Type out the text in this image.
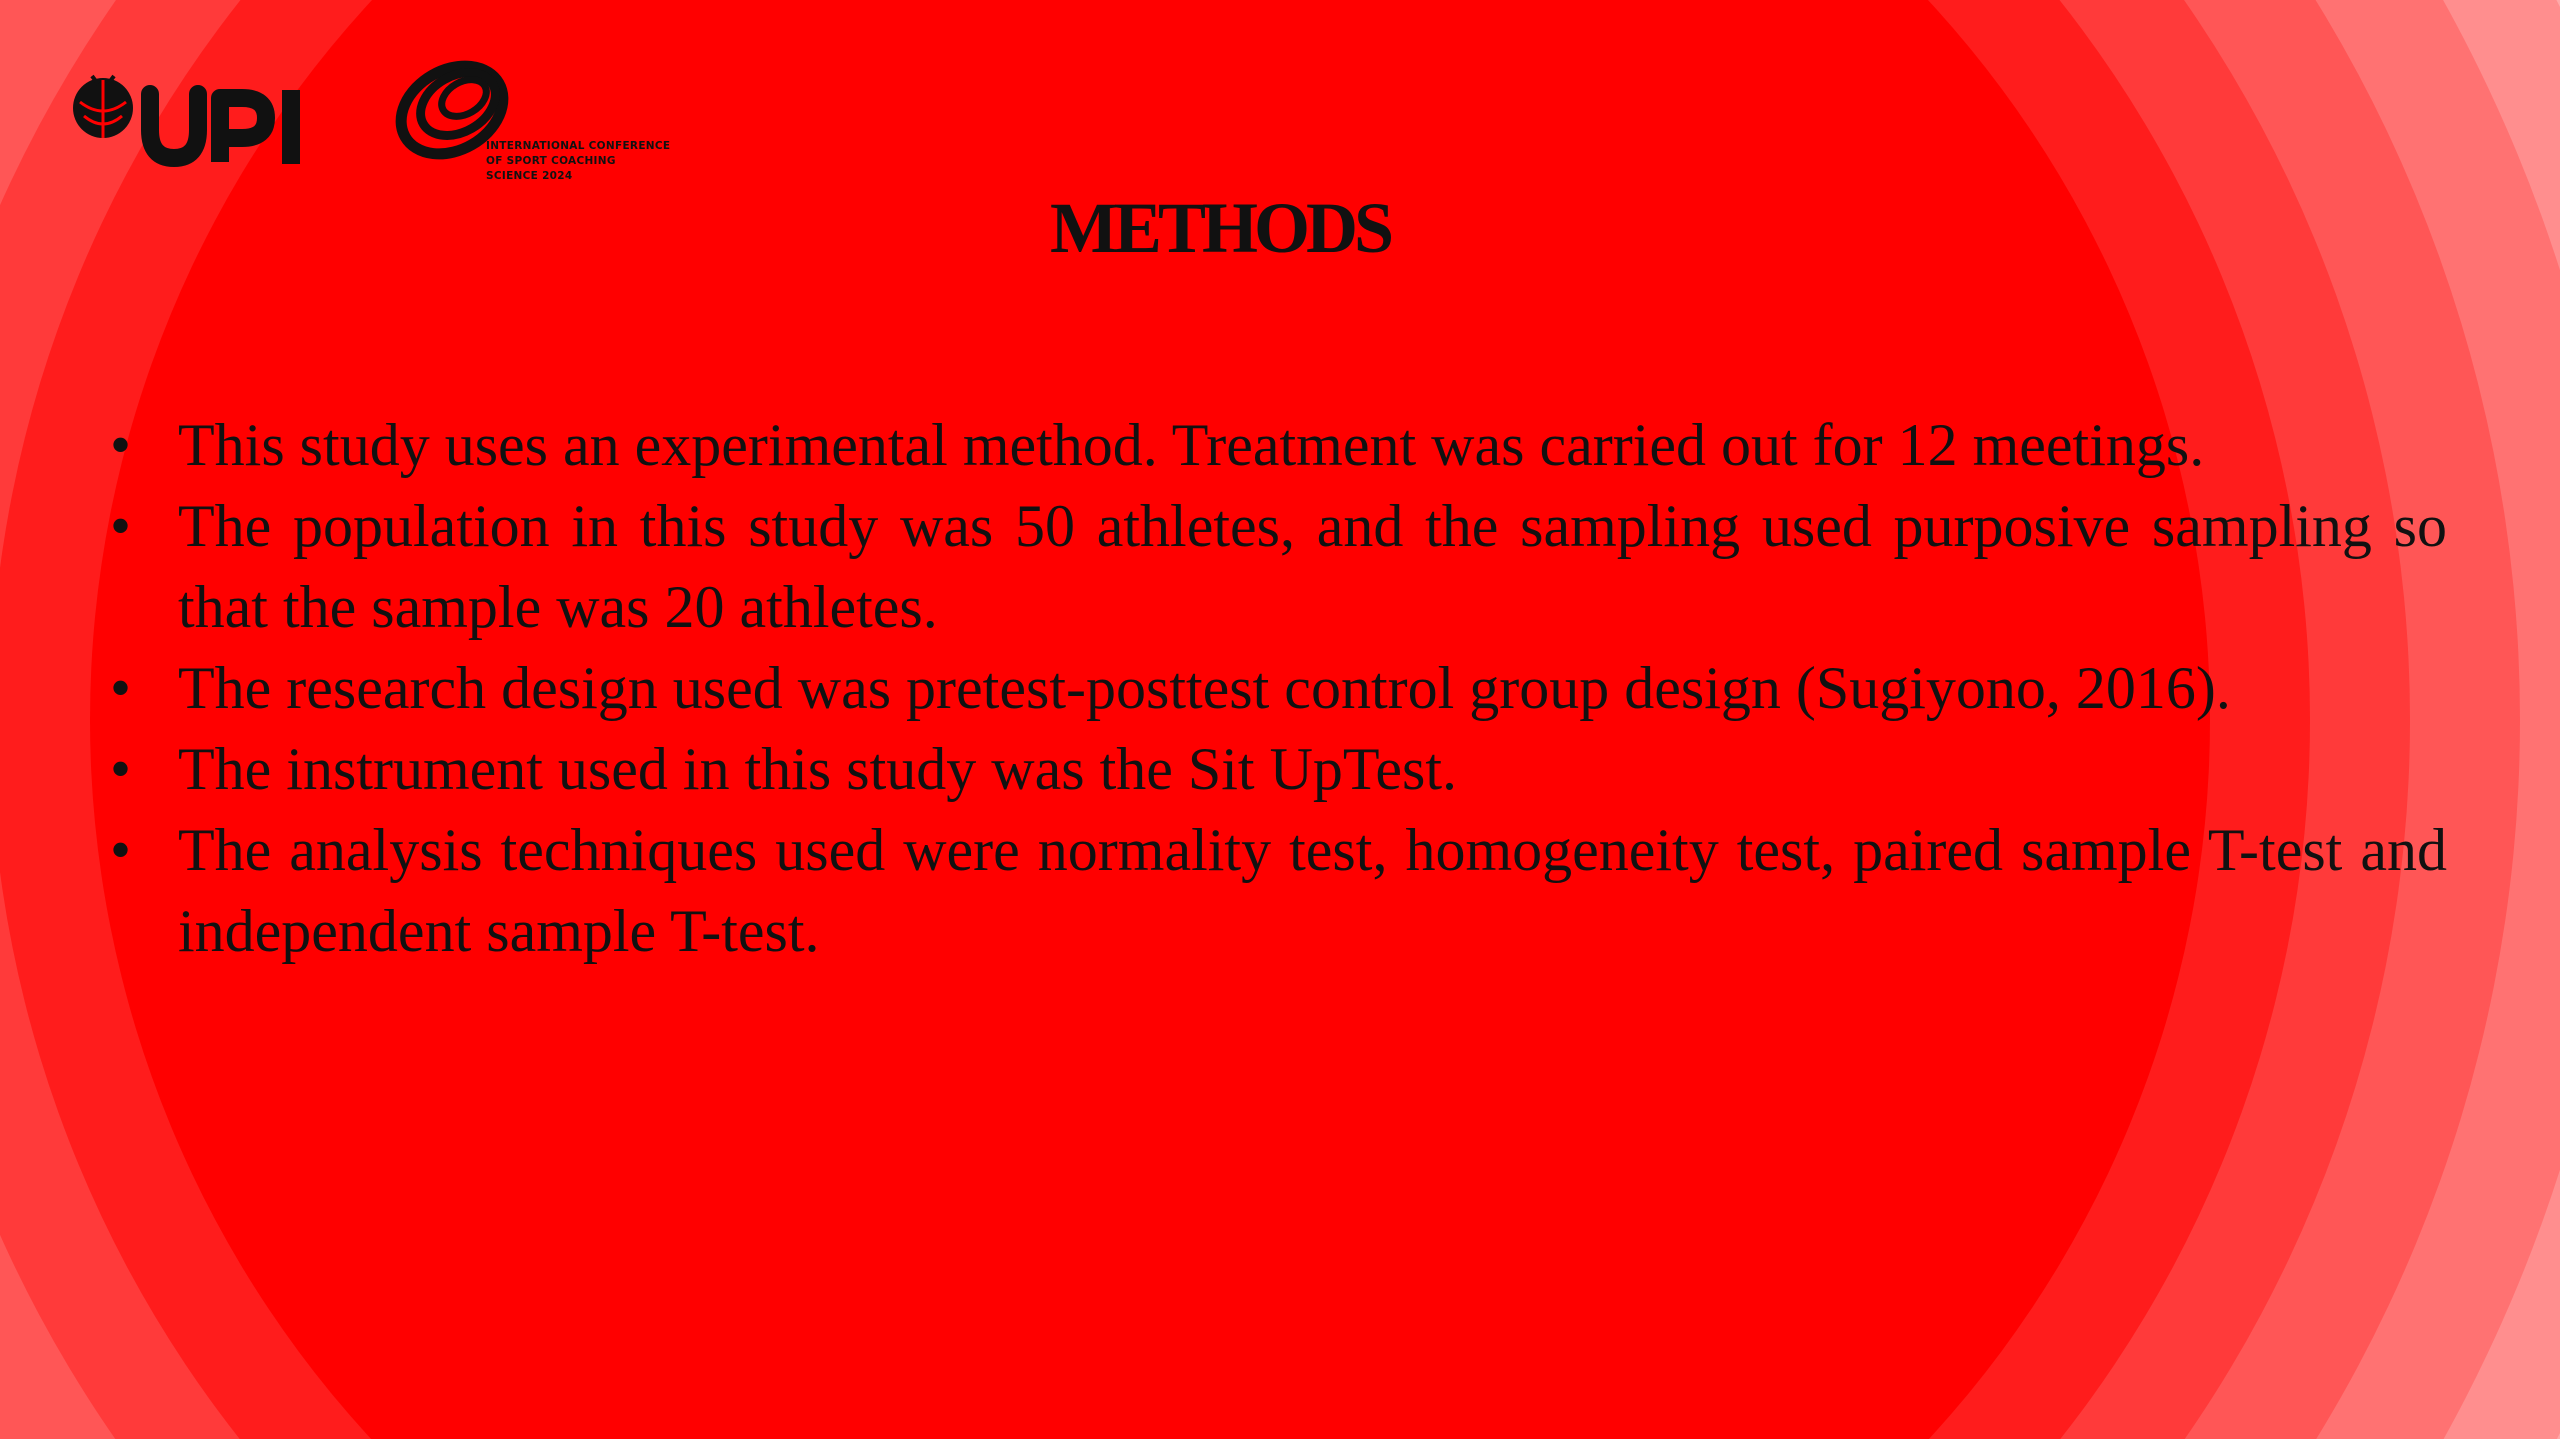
INTERNATIONAL CONFERENCE
OF SPORT COACHING
SCIENCE 2024
METHODS
• This study uses an experimental method. Treatment was carried out for 12 meetings.
• The population in this study was 50 athletes, and the sampling used purposive sampling so that the sample was 20 athletes.
• The research design used was pretest-posttest control group design (Sugiyono, 2016).
• The instrument used in this study was the Sit UpTest.
• The analysis techniques used were normality test, homogeneity test, paired sample T-test and independent sample T-test.
